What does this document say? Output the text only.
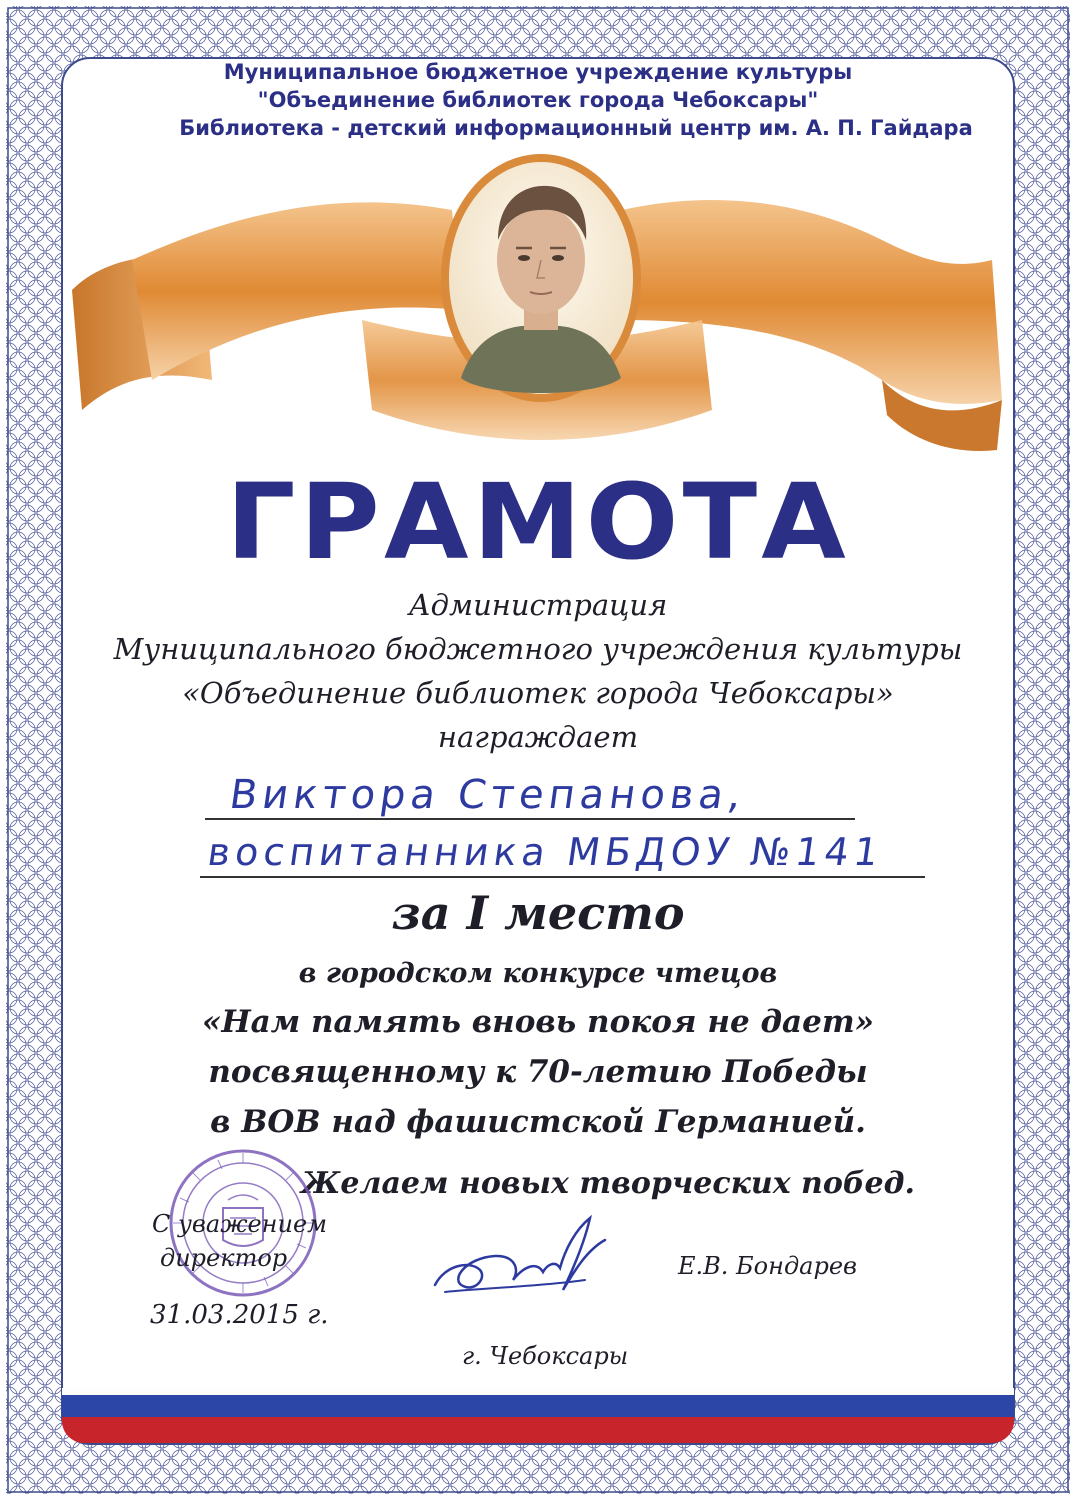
Муниципальное бюджетное учреждение культуры
"Объединение библиотек города Чебоксары"
Библиотека - детский информационный центр им. А. П. Гайдара
ГРАМОТА
Администрация
Муниципального бюджетного учреждения культуры
«Объединение библиотек города Чебоксары»
награждает
Виктора Степанова,
воспитанника МБДОУ №141
за I место
в городском конкурсе чтецов
«Нам память вновь покоя не дает»
посвященному к 70-летию Победы
в ВОВ над фашистской Германией.
Желаем новых творческих побед.
С уважением
директор
31.03.2015 г.
Е.В. Бондарев
г. Чебоксары
